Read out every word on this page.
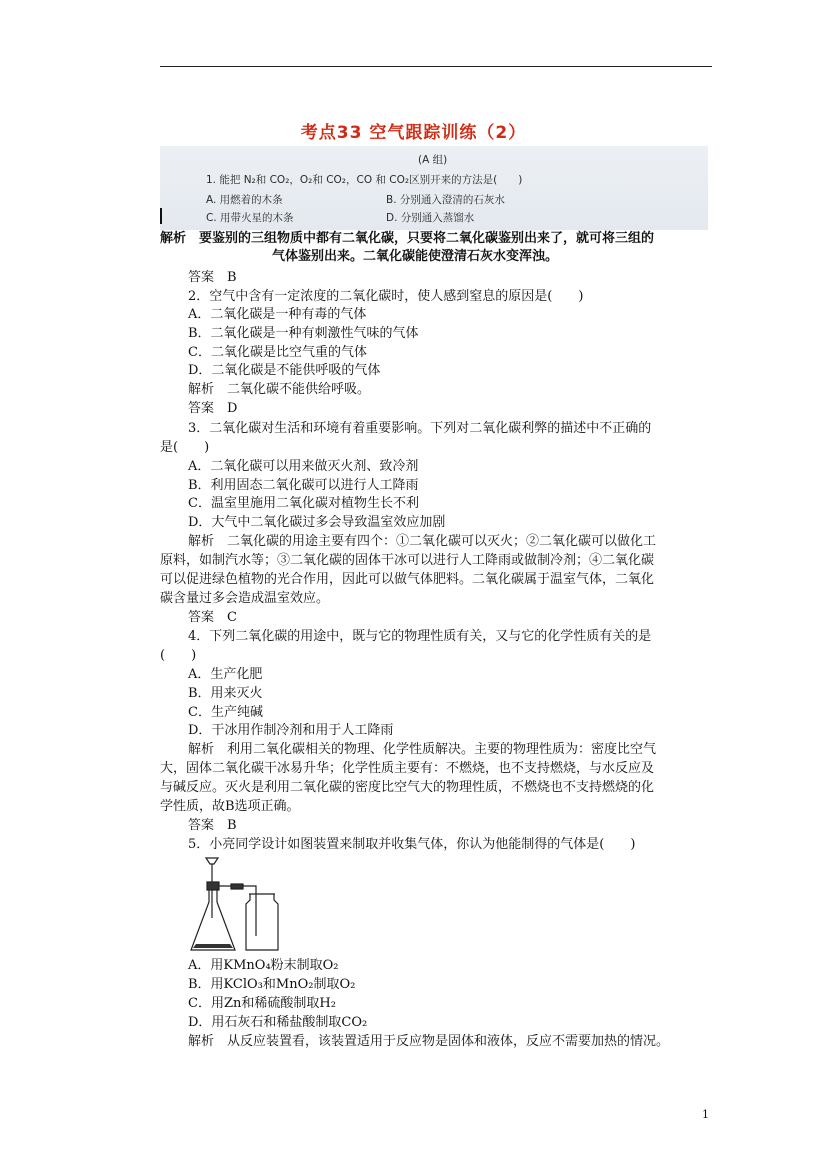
考点33 空气跟踪训练（2）
(A 组)
1. 能把 N₂和 CO₂，O₂和 CO₂，CO 和 CO₂区别开来的方法是(　　)
A. 用燃着的木条	B. 分别通入澄清的石灰水
C. 用带火星的木条	D. 分别通入蒸馏水
解析　要鉴别的三组物质中都有二氧化碳，只要将二氧化碳鉴别出来了，就可将三组的
气体鉴别出来。二氧化碳能使澄清石灰水变浑浊。
答案　B
2．空气中含有一定浓度的二氧化碳时，使人感到窒息的原因是(　　)
A．二氧化碳是一种有毒的气体
B．二氧化碳是一种有刺激性气味的气体
C．二氧化碳是比空气重的气体
D．二氧化碳是不能供呼吸的气体
解析　二氧化碳不能供给呼吸。
答案　D
3．二氧化碳对生活和环境有着重要影响。下列对二氧化碳利弊的描述中不正确的
是(　　)
A．二氧化碳可以用来做灭火剂、致冷剂
B．利用固态二氧化碳可以进行人工降雨
C．温室里施用二氧化碳对植物生长不利
D．大气中二氧化碳过多会导致温室效应加剧
解析　二氧化碳的用途主要有四个：①二氧化碳可以灭火；②二氧化碳可以做化工
原料，如制汽水等；③二氧化碳的固体干冰可以进行人工降雨或做制冷剂；④二氧化碳
可以促进绿色植物的光合作用，因此可以做气体肥料。二氧化碳属于温室气体，二氧化
碳含量过多会造成温室效应。
答案　C
4．下列二氧化碳的用途中，既与它的物理性质有关，又与它的化学性质有关的是
(　　)
A．生产化肥
B．用来灭火
C．生产纯碱
D．干冰用作制冷剂和用于人工降雨
解析　利用二氧化碳相关的物理、化学性质解决。主要的物理性质为：密度比空气
大，固体二氧化碳干冰易升华；化学性质主要有：不燃烧，也不支持燃烧，与水反应及
与碱反应。灭火是利用二氧化碳的密度比空气大的物理性质，不燃烧也不支持燃烧的化
学性质，故B选项正确。
答案　B
5．小亮同学设计如图装置来制取并收集气体，你认为他能制得的气体是(　　)
A．用KMnO₄粉末制取O₂
B．用KClO₃和MnO₂制取O₂
C．用Zn和稀硫酸制取H₂
D．用石灰石和稀盐酸制取CO₂
解析　从反应装置看，该装置适用于反应物是固体和液体，反应不需要加热的情况。
1
